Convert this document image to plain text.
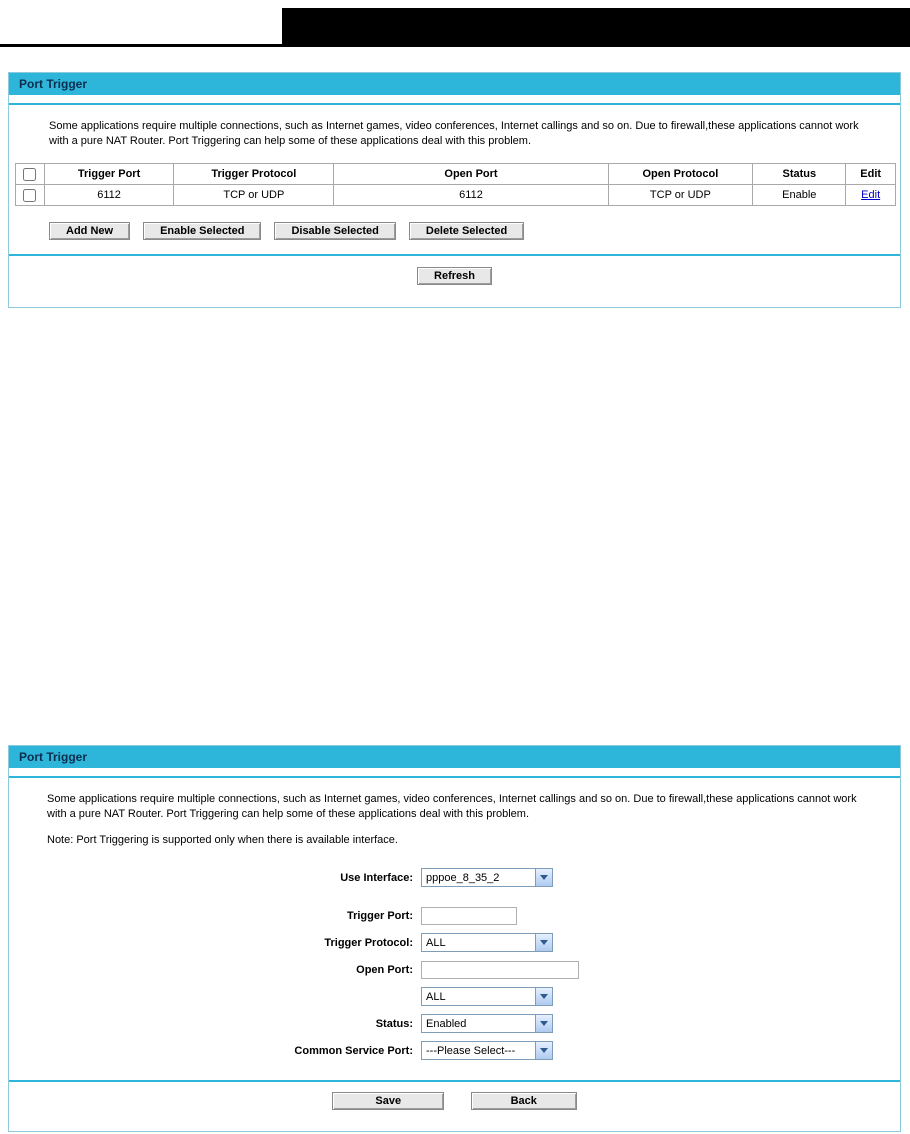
Port Trigger
Some applications require multiple connections, such as Internet games, video conferences, Internet callings and so on. Due to firewall,these applications cannot work with a pure NAT Router. Port Triggering can help some of these applications deal with this problem.
	Trigger Port	Trigger Protocol	Open Port	Open Protocol	Status	Edit
	6112	TCP or UDP	6112	TCP or UDP	Enable	Edit
Add New	Enable Selected	Disable Selected	Delete Selected
Refresh
Port Trigger
Some applications require multiple connections, such as Internet games, video conferences, Internet callings and so on. Due to firewall,these applications cannot work with a pure NAT Router. Port Triggering can help some of these applications deal with this problem.
Note: Port Triggering is supported only when there is available interface.
Use Interface:	pppoe_8_35_2
Trigger Port:
Trigger Protocol:	ALL
Open Port:
ALL
Status:	Enabled
Common Service Port:	---Please Select---
Save	Back
